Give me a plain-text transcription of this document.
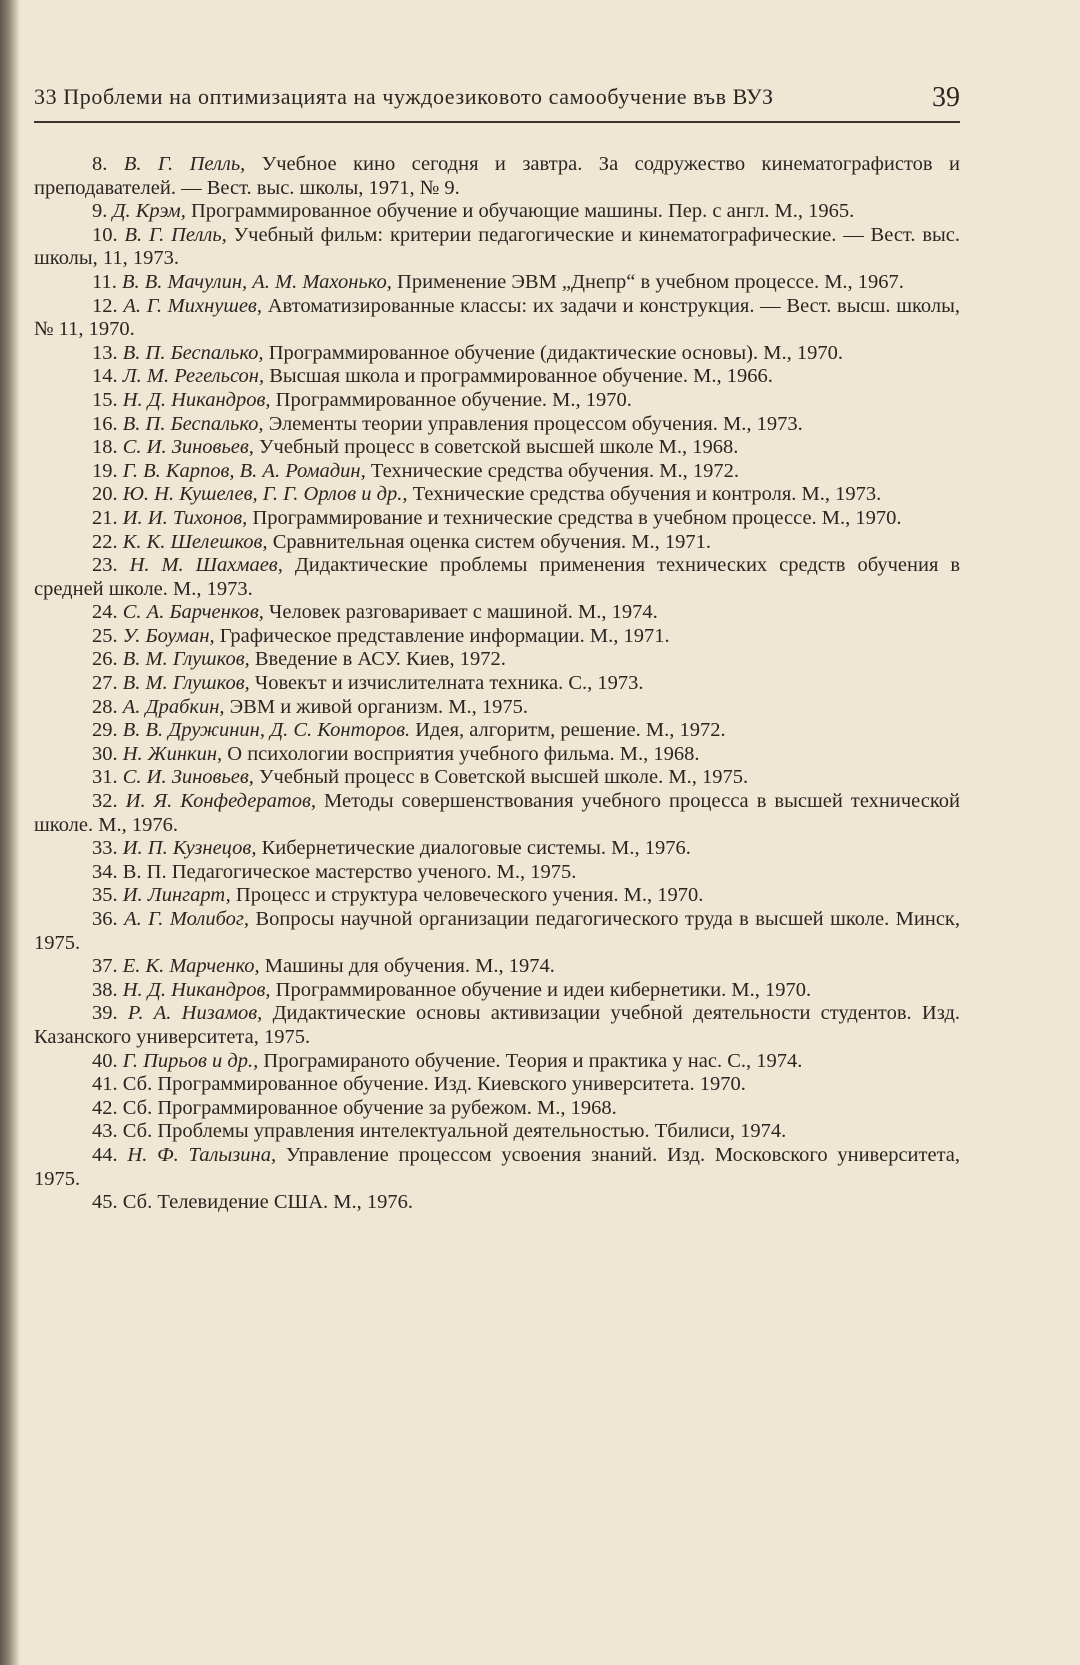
33 Проблеми на оптимизацията на чуждоезиковото самообучение във ВУЗ	39

8. В. Г. Пелль, Учебное кино сегодня и завтра. За содружество кинематографистов и преподавателей. — Вест. выс. школы, 1971, № 9.

9. Д. Крэм, Программированное обучение и обучающие машины. Пер. с англ. М., 1965.

10. В. Г. Пелль, Учебный фильм: критерии педагогические и кинематографические. — Вест. выс. школы, 11, 1973.

11. В. В. Мачулин, А. М. Махонько, Применение ЭВМ „Днепр“ в учебном процессе. М., 1967.

12. А. Г. Михнушев, Автоматизированные классы: их задачи и конструкция. — Вест. высш. школы, № 11, 1970.

13. В. П. Беспалько, Программированное обучение (дидактические основы). М., 1970.

14. Л. М. Регельсон, Высшая школа и программированное обучение. М., 1966.

15. Н. Д. Никандров, Программированное обучение. М., 1970.

16. В. П. Беспалько, Элементы теории управления процессом обучения. М., 1973.

18. С. И. Зиновьев, Учебный процесс в советской высшей школе М., 1968.

19. Г. В. Карпов, В. А. Ромадин, Технические средства обучения. М., 1972.

20. Ю. Н. Кушелев, Г. Г. Орлов и др., Технические средства обучения и контроля. М., 1973.

21. И. И. Тихонов, Программирование и технические средства в учебном процессе. М., 1970.

22. К. К. Шелешков, Сравнительная оценка систем обучения. М., 1971.

23. Н. М. Шахмаев, Дидактические проблемы применения технических средств обучения в средней школе. М., 1973.

24. С. А. Барченков, Человек разговаривает с машиной. М., 1974.

25. У. Боуман, Графическое представление информации. М., 1971.

26. В. М. Глушков, Введение в АСУ. Киев, 1972.

27. В. М. Глушков, Човекът и изчислителната техника. С., 1973.

28. А. Драбкин, ЭВМ и живой организм. М., 1975.

29. В. В. Дружинин, Д. С. Конторов. Идея, алгоритм, решение. М., 1972.

30. Н. Жинкин, О психологии восприятия учебного фильма. М., 1968.

31. С. И. Зиновьев, Учебный процесс в Советской высшей школе. М., 1975.

32. И. Я. Конфедератов, Методы совершенствования учебного процесса в высшей технической школе. М., 1976.

33. И. П. Кузнецов, Кибернетические диалоговые системы. М., 1976.

34. В. П. Педагогическое мастерство ученого. М., 1975.

35. И. Лингарт, Процесс и структура человеческого учения. М., 1970.

36. А. Г. Молибог, Вопросы научной организации педагогического труда в высшей школе. Минск, 1975.

37. Е. К. Марченко, Машины для обучения. М., 1974.

38. Н. Д. Никандров, Программированное обучение и идеи кибернетики. М., 1970.

39. Р. А. Низамов, Дидактические основы активизации учебной деятельности студентов. Изд. Казанского университета, 1975.

40. Г. Пирьов и др., Програмираното обучение. Теория и практика у нас. С., 1974.

41. Сб. Программированное обучение. Изд. Киевского университета. 1970.

42. Сб. Программированное обучение за рубежом. М., 1968.

43. Сб. Проблемы управления интелектуальной деятельностью. Тбилиси, 1974.

44. Н. Ф. Талызина, Управление процессом усвоения знаний. Изд. Московского университета, 1975.

45. Сб. Телевидение США. М., 1976.
